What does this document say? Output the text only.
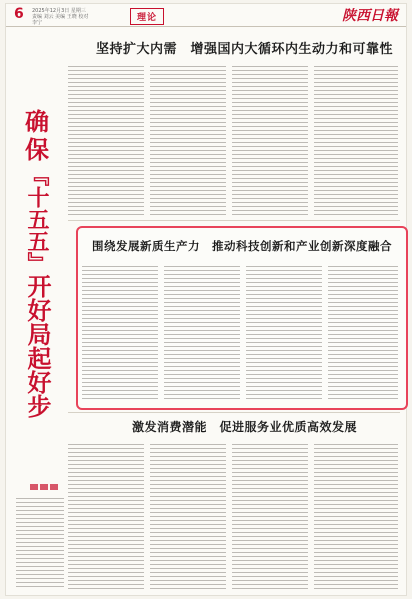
6 2025年12月3日 星期三 责编 刘云 美编 王晓 校对 李宁	理论	陕西日報
坚持扩大内需　增强国内大循环内生动力和可靠性
确保
『十五五』
开好局起好步
围绕发展新质生产力　推动科技创新和产业创新深度融合
激发消费潜能　促进服务业优质高效发展
